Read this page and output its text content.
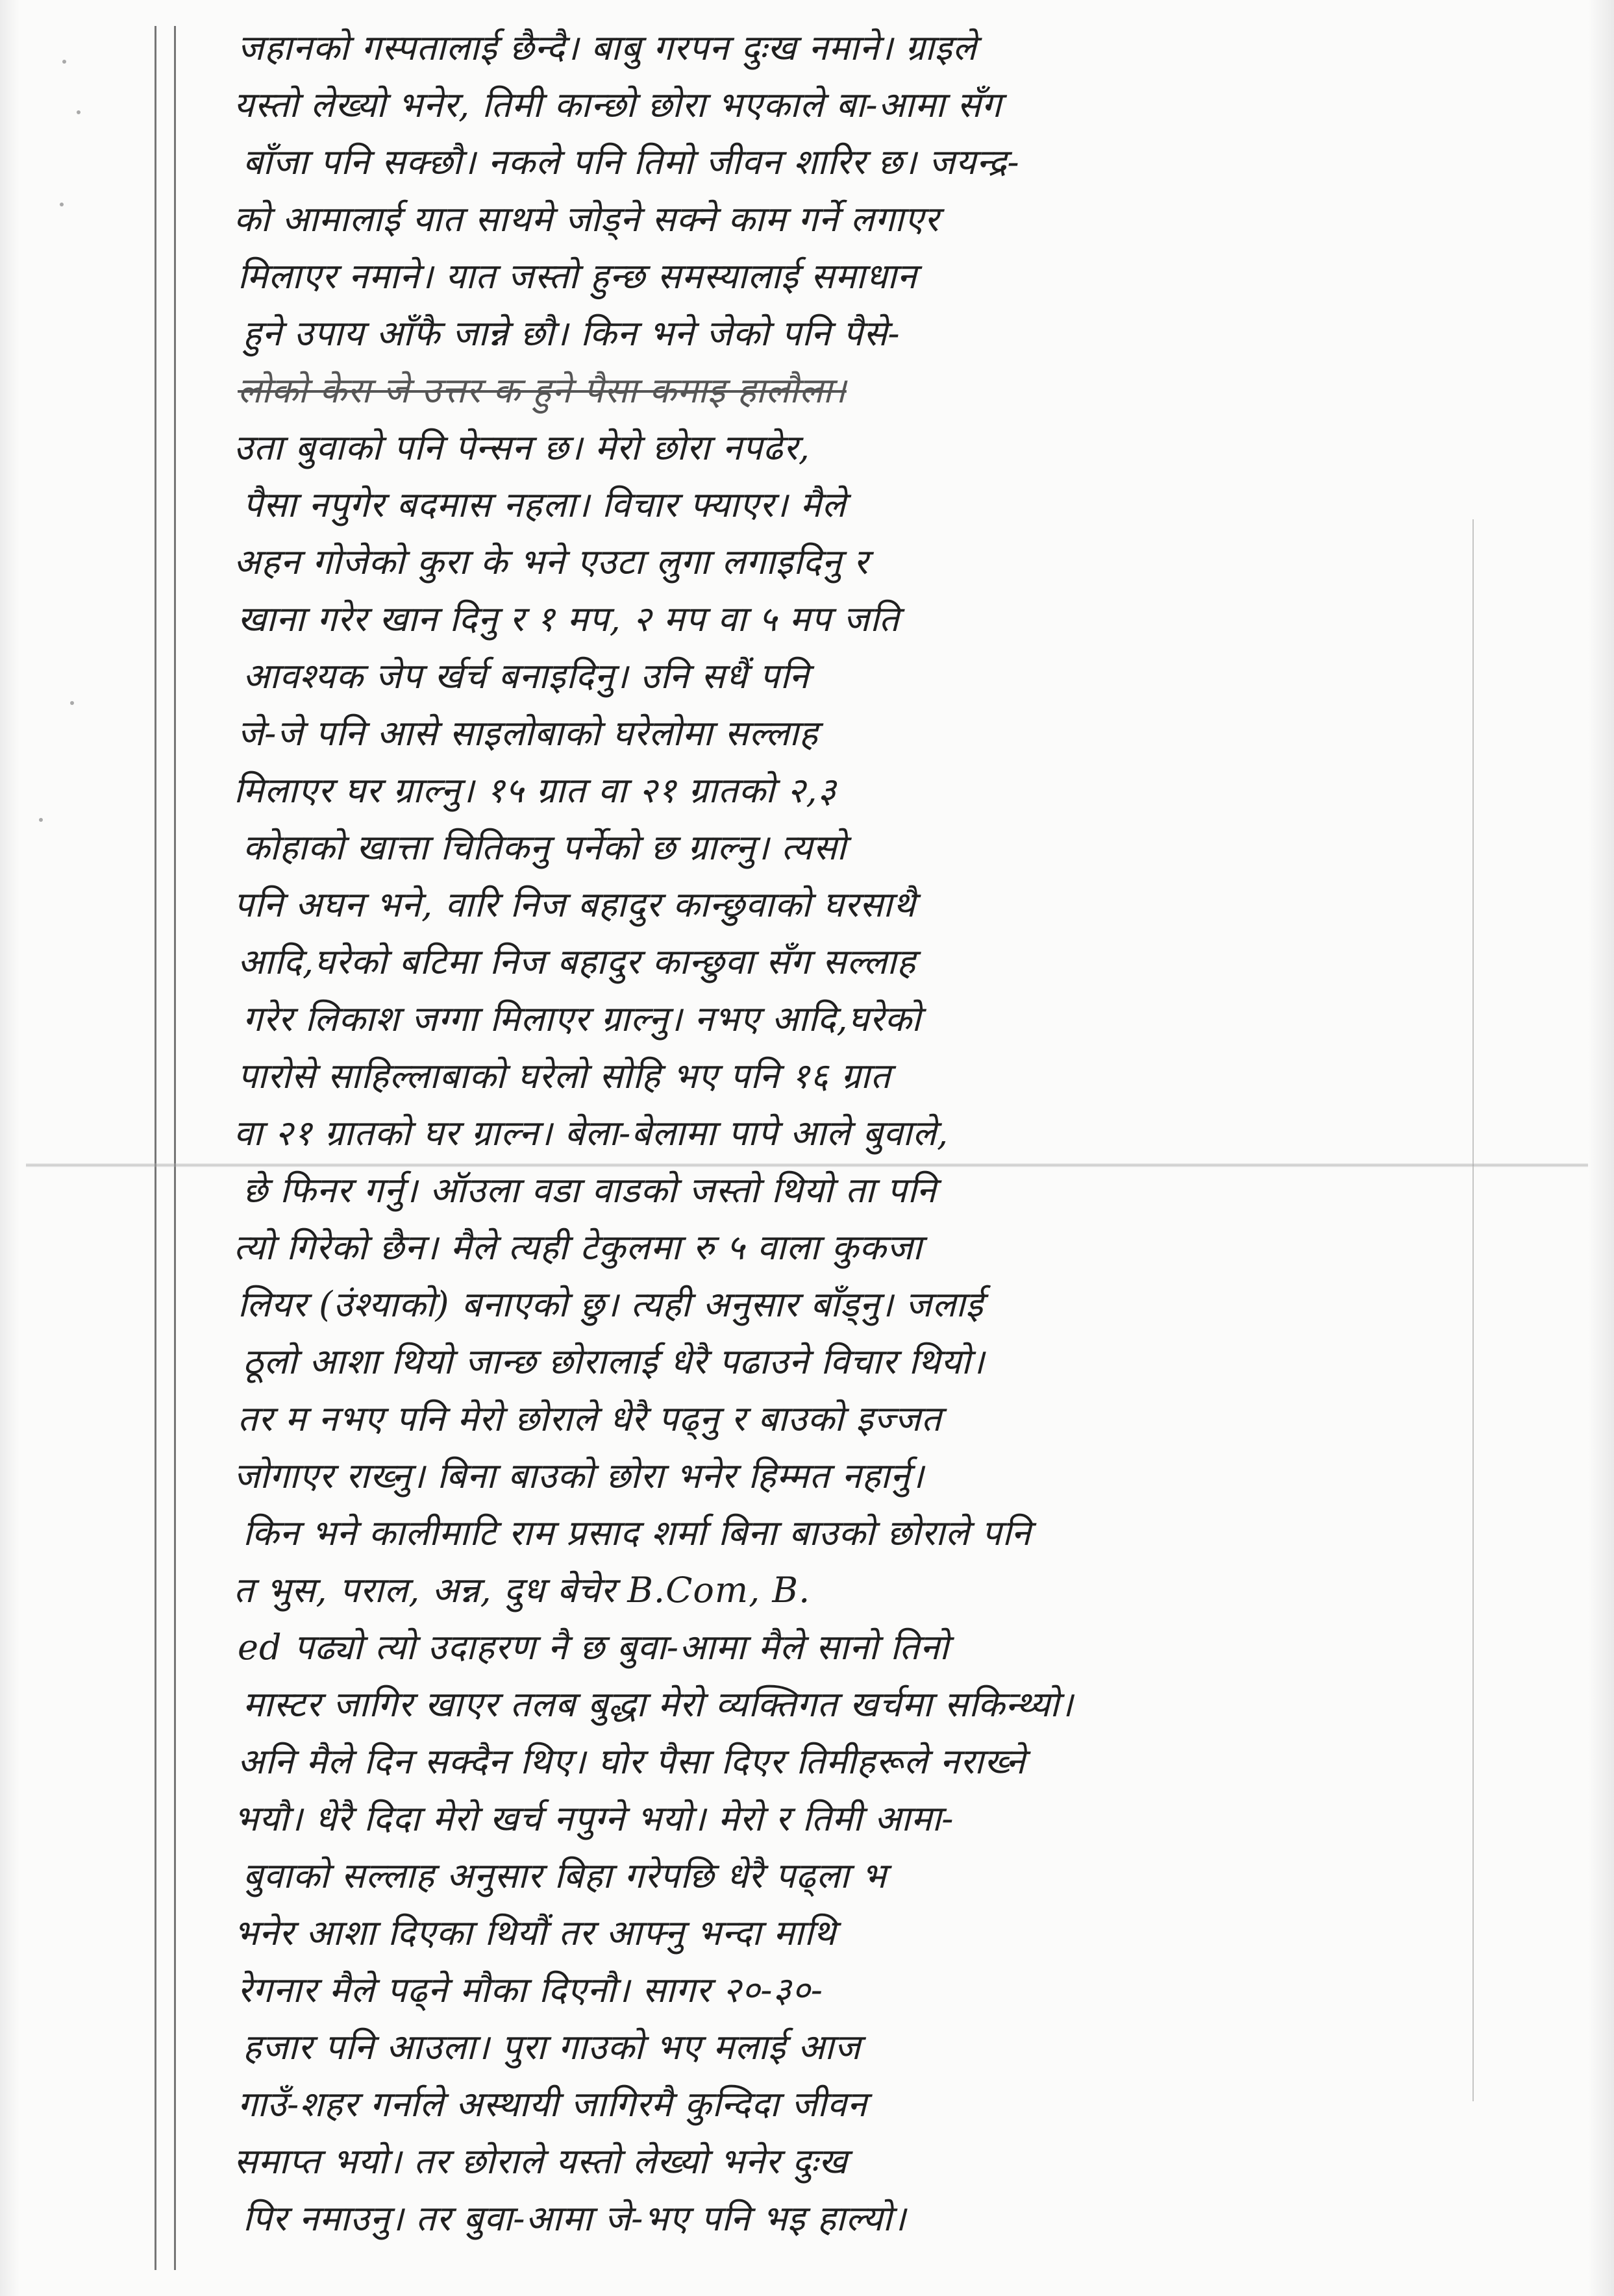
जहानको गस्पतालाई छैन्दै। बाबु गरपन दुःख नमाने। ग्राइले
यस्तो लेख्यो भनेर, तिमी कान्छो छोरा भएकाले बा-आमा सँग
बाँजा पनि सक्छौ। नकले पनि तिमो जीवन शारिर छ। जयन्द्र-
को आमालाई यात साथमे जोड्ने सक्ने काम गर्ने लगाएर
मिलाएर नमाने। यात जस्तो हुन्छ समस्यालाई समाधान
हुने उपाय आँफै जान्ने छौ। किन भने जेको पनि पैसे-
लोको केरा जे उत्तर क हुने पैसा कमाइ हालौला।
उता बुवाको पनि पेन्सन छ। मेरो छोरा नपढेर,
पैसा नपुगेर बदमास नहला। विचार फ्याएर। मैले
अहन गोजेको कुरा के भने एउटा लुगा लगाइदिनु र
खाना गरेर खान दिनु र १ मप, २ मप वा ५ मप जति
आवश्यक जेप र्खर्च बनाइदिनु। उनि सधैं पनि
जे-जे पनि आसे साइलोबाको घरेलोमा सल्लाह
मिलाएर घर ग्राल्नु। १५ ग्रात वा २१ ग्रातको २,३
कोहाको खात्ता चितिकनु पर्नेको छ ग्राल्नु। त्यसो
पनि अघन भने, वारि निज बहादुर कान्छुवाको घरसाथै
आदि,घरेको बटिमा निज बहादुर कान्छुवा सँग सल्लाह
गरेर लिकाश जग्गा मिलाएर ग्राल्नु। नभए आदि,घरेको
पारोसे साहिल्लाबाको घरेलो सोहि भए पनि १६ ग्रात
वा २१ ग्रातको घर ग्राल्न। बेला-बेलामा पापे आले बुवाले,
छे फिनर गर्नु। ऑउला वडा वाडको जस्तो थियो ता पनि
त्यो गिरेको छैन। मैले त्यही टेकुलमा रु ५ वाला कुकजा
लियर (उंश्याको) बनाएको छु। त्यही अनुसार बाँड्नु। जलाई
ठूलो आशा थियो जान्छ छोरालाई धेरै पढाउने विचार थियो।
तर म नभए पनि मेरो छोराले धेरै पढ्नु र बाउको इज्जत
जोगाएर राख्नु। बिना बाउको छोरा भनेर हिम्मत नहार्नु।
किन भने कालीमाटि राम प्रसाद शर्मा बिना बाउको छोराले पनि
त भुस, पराल, अन्न, दुध बेचेर B.Com, B.
ed पढ्यो त्यो उदाहरण नै छ बुवा-आमा मैले सानो तिनो
मास्टर जागिर खाएर तलब बुद्धा मेरो व्यक्तिगत खर्चमा सकिन्थ्यो।
अनि मैले दिन सक्दैन थिए। घोर पैसा दिएर तिमीहरूले नराख्ने
भयौ। धेरै दिदा मेरो खर्च नपुग्ने भयो। मेरो र तिमी आमा-
बुवाको सल्लाह अनुसार बिहा गरेपछि धेरै पढ्ला भ
भनेर आशा दिएका थियौं तर आफ्नु भन्दा माथि
रेगनार मैले पढ्ने मौका दिएनौ। सागर २०-३०-
हजार पनि आउला। पुरा गाउको भए मलाई आज
गाउँ-शहर गर्नाले अस्थायी जागिरमै कुन्दिदा जीवन
समाप्त भयो। तर छोराले यस्तो लेख्यो भनेर दुःख
पिर नमाउनु। तर बुवा-आमा जे-भए पनि भइ हाल्यो।
